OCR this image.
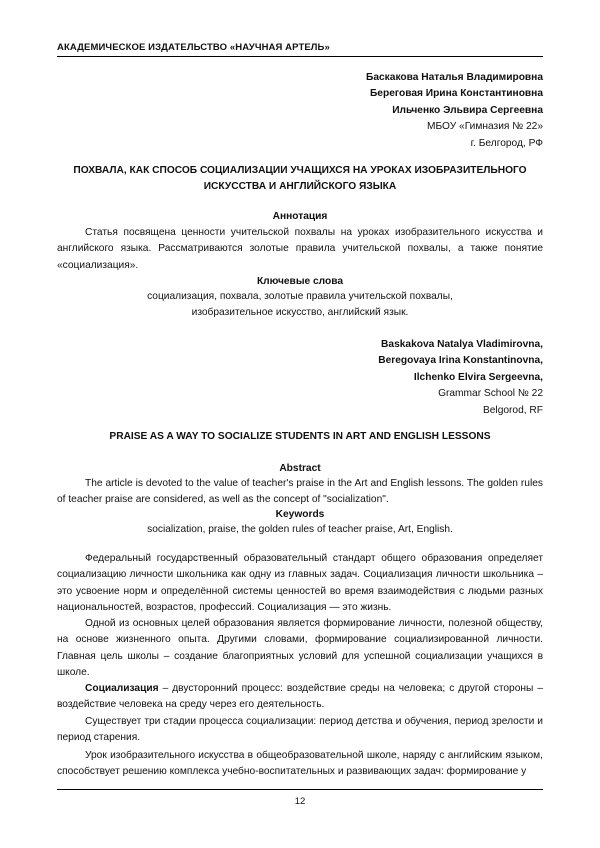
АКАДЕМИЧЕСКОЕ ИЗДАТЕЛЬСТВО «НАУЧНАЯ АРТЕЛЬ»
Баскакова Наталья Владимировна
Береговая Ирина Константиновна
Ильченко Эльвира Сергеевна
МБОУ «Гимназия № 22»
г. Белгород, РФ
ПОХВАЛА, КАК СПОСОБ СОЦИАЛИЗАЦИИ УЧАЩИХСЯ НА УРОКАХ ИЗОБРАЗИТЕЛЬНОГО
ИСКУССТВА И АНГЛИЙСКОГО ЯЗЫКА
Аннотация
Статья посвящена ценности учительской похвалы на уроках изобразительного искусства и английского языка. Рассматриваются золотые правила учительской похвалы, а также понятие «социализация».
Ключевые слова
социализация, похвала, золотые правила учительской похвалы,
изобразительное искусство, английский язык.
Baskakova Natalya Vladimirovna,
Beregovaya Irina Konstantinovna,
Ilchenko Elvira Sergeevna,
Grammar School № 22
Belgorod, RF
PRAISE AS A WAY TO SOCIALIZE STUDENTS IN ART AND ENGLISH LESSONS
Abstract
The article is devoted to the value of teacher's praise in the Art and English lessons. The golden rules of teacher praise are considered, as well as the concept of "socialization".
Keywords
socialization, praise, the golden rules of teacher praise, Art, English.
Федеральный государственный образовательный стандарт общего образования определяет социализацию личности школьника как одну из главных задач. Социализация личности школьника – это усвоение норм и определённой системы ценностей во время взаимодействия с людьми разных национальностей, возрастов, профессий. Социализация — это жизнь.
Одной из основных целей образования является формирование личности, полезной обществу, на основе жизненного опыта. Другими словами, формирование социализированной личности. Главная цель школы – создание благоприятных условий для успешной социализации учащихся в школе.
Социализация – двусторонний процесс: воздействие среды на человека; с другой стороны – воздействие человека на среду через его деятельность.
Существует три стадии процесса социализации: период детства и обучения, период зрелости и период старения.
Урок изобразительного искусства в общеобразовательной школе, наряду с английским языком, способствует решению комплекса учебно-воспитательных и развивающих задач: формирование у
12
